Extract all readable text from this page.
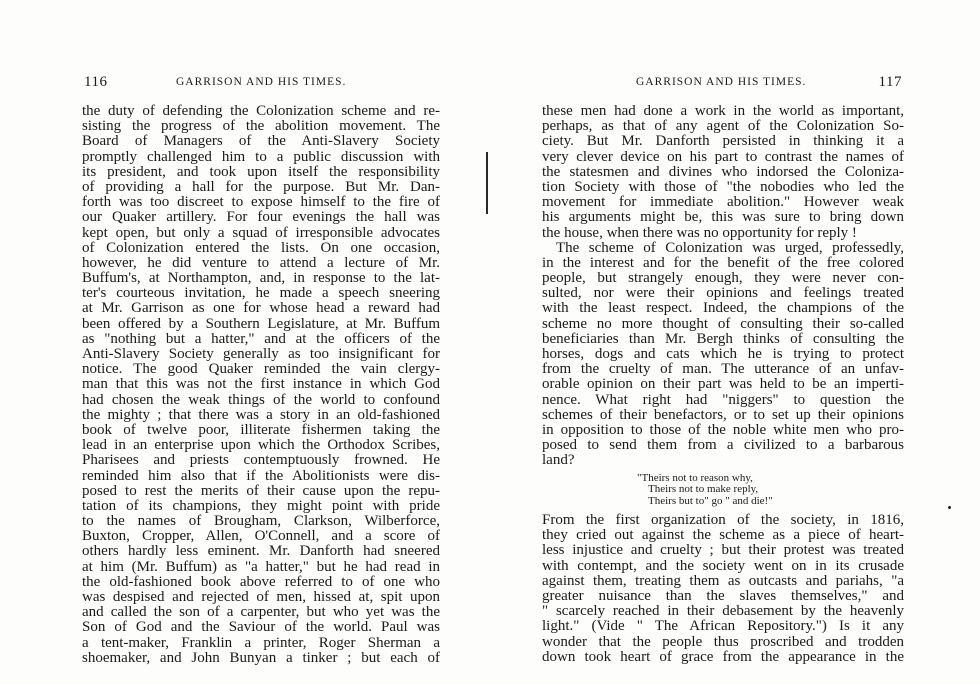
116	GARRISON AND HIS TIMES.
the duty of defending the Colonization scheme and re-
sisting the progress of the abolition movement. The
Board of Managers of the Anti-Slavery Society
promptly challenged him to a public discussion with
its president, and took upon itself the responsibility
of providing a hall for the purpose. But Mr. Dan-
forth was too discreet to expose himself to the fire of
our Quaker artillery. For four evenings the hall was
kept open, but only a squad of irresponsible advocates
of Colonization entered the lists. On one occasion,
however, he did venture to attend a lecture of Mr.
Buffum's, at Northampton, and, in response to the lat-
ter's courteous invitation, he made a speech sneering
at Mr. Garrison as one for whose head a reward had
been offered by a Southern Legislature, at Mr. Buffum
as "nothing but a hatter," and at the officers of the
Anti-Slavery Society generally as too insignificant for
notice. The good Quaker reminded the vain clergy-
man that this was not the first instance in which God
had chosen the weak things of the world to confound
the mighty ; that there was a story in an old-fashioned
book of twelve poor, illiterate fishermen taking the
lead in an enterprise upon which the Orthodox Scribes,
Pharisees and priests contemptuously frowned. He
reminded him also that if the Abolitionists were dis-
posed to rest the merits of their cause upon the repu-
tation of its champions, they might point with pride
to the names of Brougham, Clarkson, Wilberforce,
Buxton, Cropper, Allen, O'Connell, and a score of
others hardly less eminent. Mr. Danforth had sneered
at him (Mr. Buffum) as "a hatter," but he had read in
the old-fashioned book above referred to of one who
was despised and rejected of men, hissed at, spit upon
and called the son of a carpenter, but who yet was the
Son of God and the Saviour of the world. Paul was
a tent-maker, Franklin a printer, Roger Sherman a
shoemaker, and John Bunyan a tinker ; but each of
GARRISON AND HIS TIMES.	117
these men had done a work in the world as important,
perhaps, as that of any agent of the Colonization So-
ciety. But Mr. Danforth persisted in thinking it a
very clever device on his part to contrast the names of
the statesmen and divines who indorsed the Coloniza-
tion Society with those of "the nobodies who led the
movement for immediate abolition." However weak
his arguments might be, this was sure to bring down
the house, when there was no opportunity for reply !
The scheme of Colonization was urged, professedly,
in the interest and for the benefit of the free colored
people, but strangely enough, they were never con-
sulted, nor were their opinions and feelings treated
with the least respect. Indeed, the champions of the
scheme no more thought of consulting their so-called
beneficiaries than Mr. Bergh thinks of consulting the
horses, dogs and cats which he is trying to protect
from the cruelty of man. The utterance of an unfav-
orable opinion on their part was held to be an imperti-
nence. What right had "niggers" to question the
schemes of their benefactors, or to set up their opinions
in opposition to those of the noble white men who pro-
posed to send them from a civilized to a barbarous
land?
"Theirs not to reason why,
Theirs not to make reply,
Theirs but to" go " and die!"
From the first organization of the society, in 1816,
they cried out against the scheme as a piece of heart-
less injustice and cruelty ; but their protest was treated
with contempt, and the society went on in its crusade
against them, treating them as outcasts and pariahs, "a
greater nuisance than the slaves themselves," and
" scarcely reached in their debasement by the heavenly
light." (Vide " The African Repository.") Is it any
wonder that the people thus proscribed and trodden
down took heart of grace from the appearance in the
